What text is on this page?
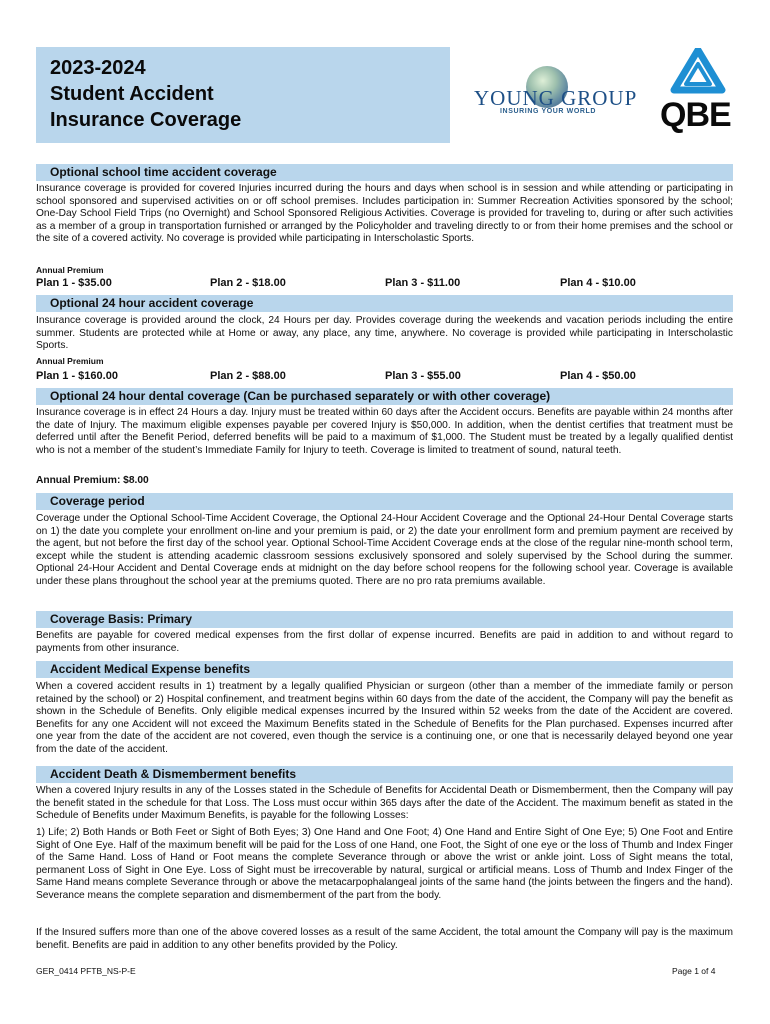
2023-2024
Student Accident
Insurance Coverage
YOUNG GROUP
INSURING YOUR WORLD QBE
Optional school time accident coverage
Insurance coverage is provided for covered Injuries incurred during the hours and days when school is in session and while attending or participating in school sponsored and supervised activities on or off school premises. Includes participation in: Summer Recreation Activities sponsored by the school; One-Day School Field Trips (no Overnight) and School Sponsored Religious Activities. Coverage is provided for traveling to, during or after such activities as a member of a group in transportation furnished or arranged by the Policyholder and traveling directly to or from their home premises and the school or the site of a covered activity. No coverage is provided while participating in Interscholastic Sports.
Annual Premium
Plan 1 - $35.00	Plan 2 - $18.00	Plan 3 - $11.00	Plan 4 - $10.00
Optional 24 hour accident coverage
Insurance coverage is provided around the clock, 24 Hours per day. Provides coverage during the weekends and vacation periods including the entire summer. Students are protected while at Home or away, any place, any time, anywhere. No coverage is provided while participating in Interscholastic Sports.
Annual Premium
Plan 1 - $160.00	Plan 2 - $88.00	Plan 3 - $55.00	Plan 4 - $50.00
Optional 24 hour dental coverage (Can be purchased separately or with other coverage)
Insurance coverage is in effect 24 Hours a day. Injury must be treated within 60 days after the Accident occurs. Benefits are payable within 24 months after the date of Injury. The maximum eligible expenses payable per covered Injury is $50,000. In addition, when the dentist certifies that treatment must be deferred until after the Benefit Period, deferred benefits will be paid to a maximum of $1,000. The Student must be treated by a legally qualified dentist who is not a member of the student’s Immediate Family for Injury to teeth. Coverage is limited to treatment of sound, natural teeth.
Annual Premium: $8.00
Coverage period
Coverage under the Optional School-Time Accident Coverage, the Optional 24-Hour Accident Coverage and the Optional 24-Hour Dental Coverage starts on 1) the date you complete your enrollment on-line and your premium is paid, or 2) the date your enrollment form and premium payment are received by the agent, but not before the first day of the school year. Optional School-Time Accident Coverage ends at the close of the regular nine-month school term, except while the student is attending academic classroom sessions exclusively sponsored and solely supervised by the School during the summer. Optional 24-Hour Accident and Dental Coverage ends at midnight on the day before school reopens for the following school year. Coverage is available under these plans throughout the school year at the premiums quoted. There are no pro rata premiums available.
Coverage Basis: Primary
Benefits are payable for covered medical expenses from the first dollar of expense incurred. Benefits are paid in addition to and without regard to payments from other insurance.
Accident Medical Expense benefits
When a covered accident results in 1) treatment by a legally qualified Physician or surgeon (other than a member of the immediate family or person retained by the school) or 2) Hospital confinement, and treatment begins within 60 days from the date of the accident, the Company will pay the benefit as shown in the Schedule of Benefits. Only eligible medical expenses incurred by the Insured within 52 weeks from the date of the Accident are covered. Benefits for any one Accident will not exceed the Maximum Benefits stated in the Schedule of Benefits for the Plan purchased. Expenses incurred after one year from the date of the accident are not covered, even though the service is a continuing one, or one that is necessarily delayed beyond one year from the date of the accident.
Accident Death & Dismemberment benefits
When a covered Injury results in any of the Losses stated in the Schedule of Benefits for Accidental Death or Dismemberment, then the Company will pay the benefit stated in the schedule for that Loss. The Loss must occur within 365 days after the date of the Accident. The maximum benefit as stated in the Schedule of Benefits under Maximum Benefits, is payable for the following Losses:
1) Life; 2) Both Hands or Both Feet or Sight of Both Eyes; 3) One Hand and One Foot; 4) One Hand and Entire Sight of One Eye; 5) One Foot and Entire Sight of One Eye. Half of the maximum benefit will be paid for the Loss of one Hand, one Foot, the Sight of one eye or the loss of Thumb and Index Finger of the Same Hand. Loss of Hand or Foot means the complete Severance through or above the wrist or ankle joint. Loss of Sight means the total, permanent Loss of Sight in One Eye. Loss of Sight must be irrecoverable by natural, surgical or artificial means. Loss of Thumb and Index Finger of the Same Hand means complete Severance through or above the metacarpophalangeal joints of the same hand (the joints between the fingers and the hand). Severance means the complete separation and dismemberment of the part from the body.
If the Insured suffers more than one of the above covered losses as a result of the same Accident, the total amount the Company will pay is the maximum benefit. Benefits are paid in addition to any other benefits provided by the Policy.
GER_0414 PFTB_NS-P-E	Page 1 of 4
